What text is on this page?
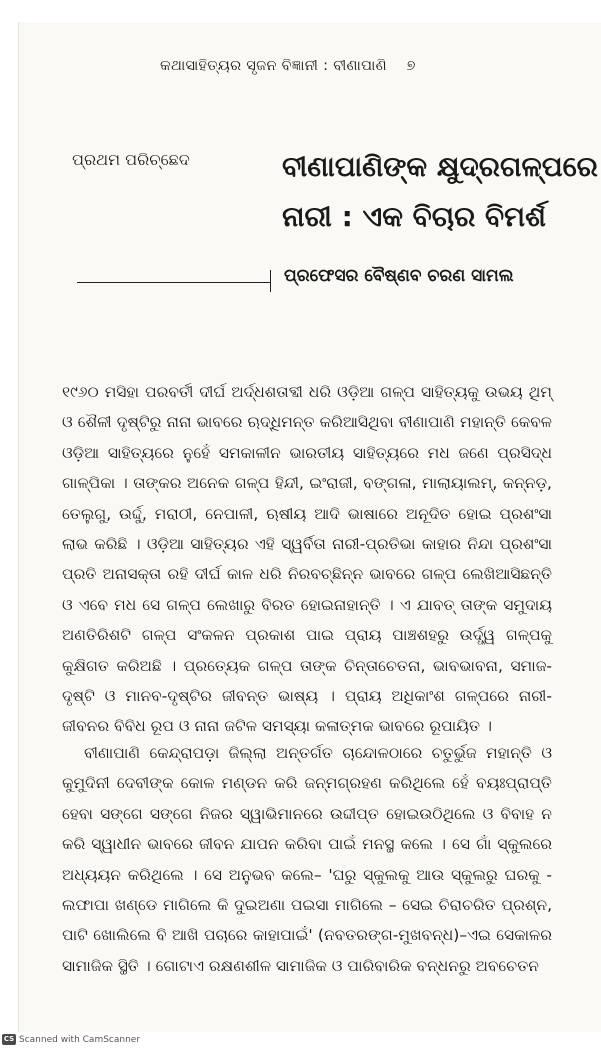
କଥାସାହିତ୍ୟର ସୃଜନ ବିଜ୍ଞାନୀ : ବୀଣାପାଣି ୭
ପ୍ରଥମ ପରିଚ୍ଛେଦ	ବୀଣାପାଣିଙ୍କ କ୍ଷୁଦ୍ରଗଳ୍ପରେ
ନାରୀ : ଏକ ବିଚାର ବିମର୍ଶ
ପ୍ରଫେସର ବୈଷ୍ଣବ ଚରଣ ସାମଲ
୧୯୬୦ ମସିହା ପରବର୍ତୀ ଦୀର୍ଘ ଅର୍ଦ୍ଧଶତାବ୍ଦୀ ଧରି ଓଡ଼ିଆ ଗଳ୍ପ ସାହିତ୍ୟକୁ ଉଭୟ ଥିମ୍ ଓ ଶୈଳୀ ଦୃଷ୍ଟିରୁ ନାନା ଭାବରେ ଋଦ୍ଧିମନ୍ତ କରିଆସିଥିବା ବୀଣାପାଣି ମହାନ୍ତି କେବଳ ଓଡ଼ିଆ ସାହିତ୍ୟରେ ନୁହେଁ ସମକାଳୀନ ଭାରତୀୟ ସାହିତ୍ୟରେ ମଧ ଜଣେ ପ୍ରସିଦ୍ଧ ଗାଳ୍ପିକା । ତାଙ୍କର ଅନେକ ଗଳ୍ପ ହିନ୍ଦୀ, ଇଂରାଜୀ, ବଙ୍ଗଳା, ମାଲାୟାଲମ୍, କନ୍ନଡ଼, ତେଲୁଗୁ, ଉର୍ଦ୍ଦୁ, ମରାଠୀ, ନେପାଳୀ, ଋଷୀୟ ଆଦି ଭାଷାରେ ଅନୂଦିତ ହୋଇ ପ୍ରଶଂସା ଲାଭ କରିଛି । ଓଡ଼ିଆ ସାହିତ୍ୟର ଏହି ସ୍ୱର୍ବିତା ନାରୀ-ପ୍ରତିଭା କାହାର ନିନ୍ଦା ପ୍ରଶଂସା ପ୍ରତି ଅନାସକ୍ତା ରହି ଦୀର୍ଘ କାଳ ଧରି ନିରବଚ୍ଛିନ୍ନ ଭାବରେ ଗଳ୍ପ ଲେଖିଆସିଛନ୍ତି ଓ ଏବେ ମଧ ସେ ଗଳ୍ପ ଲେଖାରୁ ବିରତ ହୋଇନାହାନ୍ତି । ଏ ଯାବତ୍ ତାଙ୍କ ସମୁଦାୟ ଅଣତିରିଶଟି ଗଳ୍ପ ସଂକଳନ ପ୍ରକାଶ ପାଇ ପ୍ରାୟ ପାଞ୍ଚଶହରୁ ଉର୍ଦ୍ଧ୍ୱ ଗଳ୍ପକୁ କୁକ୍ଷିଗତ କରିଅଛି । ପ୍ରତ୍ୟେକ ଗଳ୍ପ ତାଙ୍କ ଚିନ୍ତାଚେତନା, ଭାବଭାବନା, ସମାଜ-ଦୃଷ୍ଟି ଓ ମାନବ-ଦୃଷ୍ଟିର ଜୀବନ୍ତ ଭାଷ୍ୟ । ପ୍ରାୟ ଅଧିକାଂଶ ଗଳ୍ପରେ ନାରୀ-ଜୀବନର ବିବିଧ ରୂପ ଓ ନାନା ଜଟିଳ ସମସ୍ୟା କଳାତ୍ମକ ଭାବରେ ରୂପାୟିତ ।
ବୀଣାପାଣି କେନ୍ଦ୍ରାପଡ଼ା ଜିଲ୍ଲା ଅନ୍ତର୍ଗତ ଚାନ୍ଦୋଳଠାରେ ଚତୁର୍ଭୁଜ ମହାନ୍ତି ଓ କୁମୁଦିନୀ ଦେବୀଙ୍କ କୋଳ ମଣ୍ଡନ କରି ଜନ୍ମଗ୍ରହଣ କରିଥିଲେ ହେଁ ବୟଃପ୍ରାପ୍ତି ହେବା ସଙ୍ଗେ ସଙ୍ଗେ ନିଜର ସ୍ୱାଭିମାନରେ ଉଦ୍ଦୀପ୍ତ ହୋଇଉଠିଥିଲେ ଓ ବିବାହ ନ କରି ସ୍ୱାଧୀନ ଭାବରେ ଜୀବନ ଯାପନ କରିବା ପାଇଁ ମନସ୍ଥ କଲେ । ସେ ଗାଁ ସ୍କୁଲରେ ଅଧ୍ୟୟନ କରିଥିଲେ । ସେ ଅନୁଭବ କଲେ– 'ଘରୁ ସ୍କୁଲକୁ ଆଉ ସ୍କୁଲରୁ ଘରକୁ - ଲଫାପା ଖଣ୍ଡେ ମାଗିଲେ କି ଦୁଇଅଣା ପଇସା ମାଗିଲେ – ସେଇ ଚିରାଚରିତ ପ୍ରଶ୍ନ, ପାଟି ଖୋଲିଲେ ବି ଆଖି ପଚାରେ କାହାପାଇଁ' (ନବତରଙ୍ଗ-ମୁଖବନ୍ଧ)–ଏଇ ସେକାଳର ସାମାଜିକ ସ୍ଥିତି । ଗୋଟାଏ ରକ୍ଷଣଶୀଳ ସାମାଜିକ ଓ ପାରିବାରିକ ବନ୍ଧନରୁ ଅବଚେତନ
CS Scanned with CamScanner
